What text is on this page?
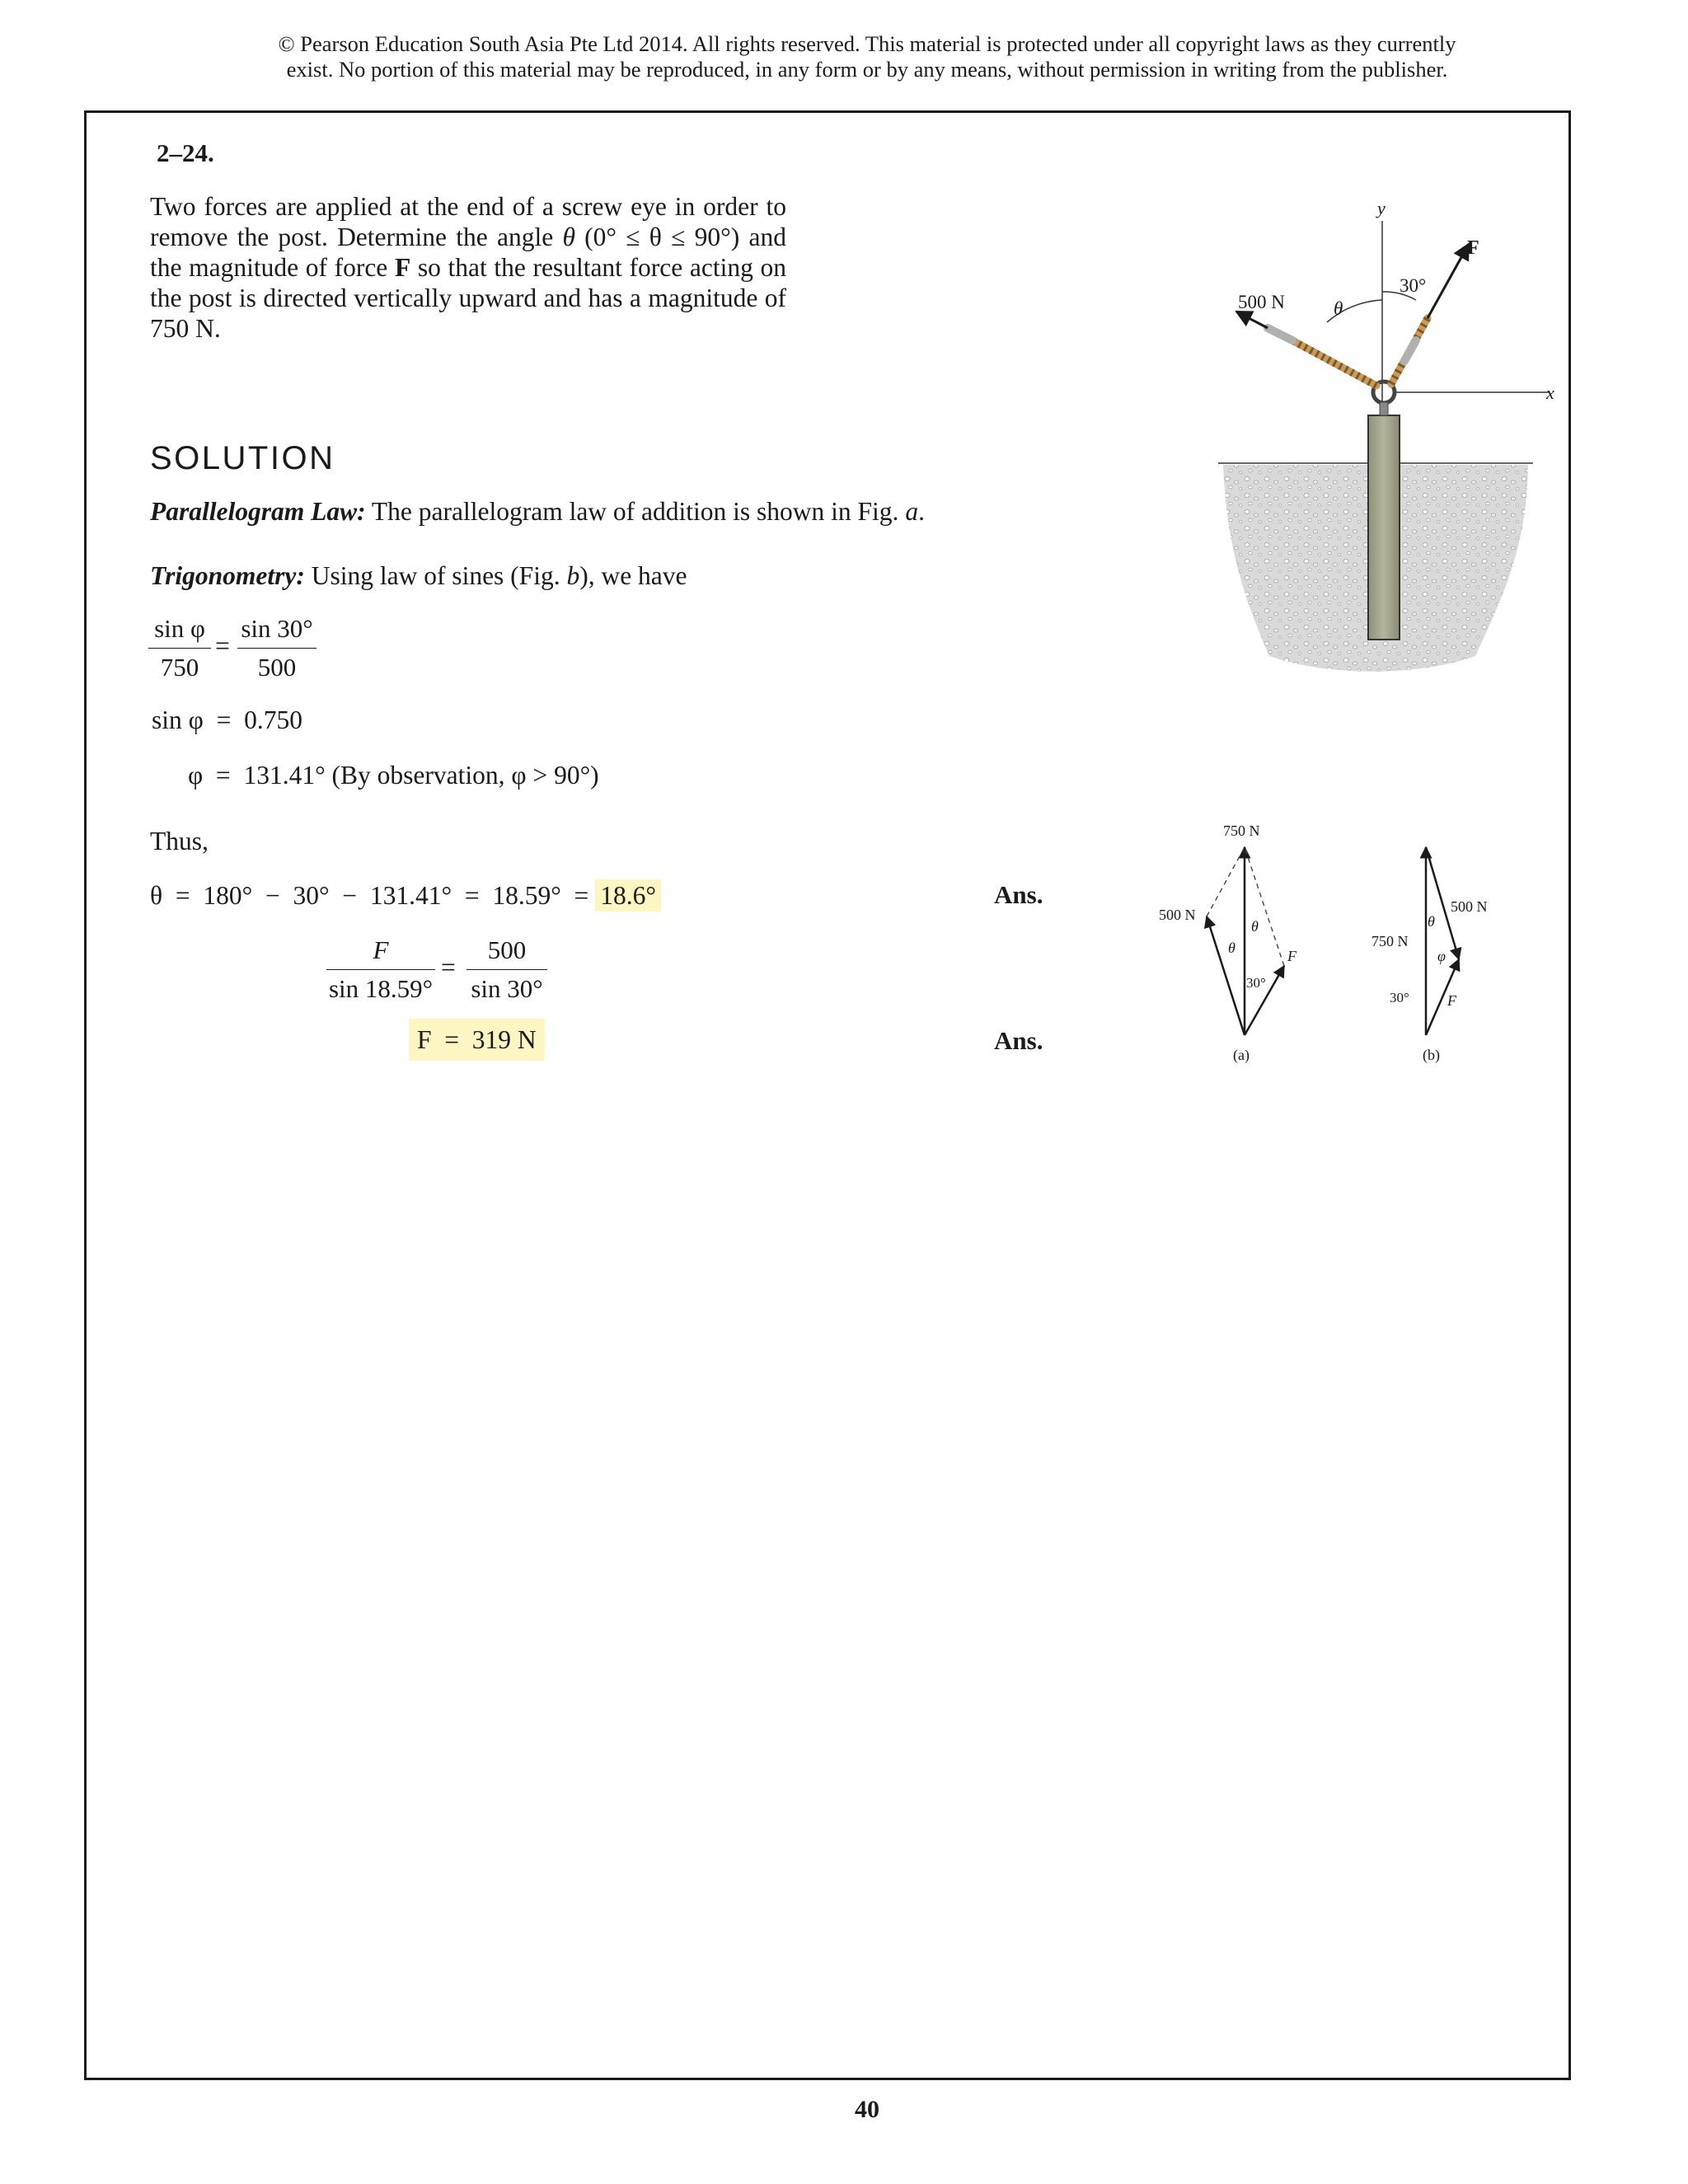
© Pearson Education South Asia Pte Ltd 2014. All rights reserved. This material is protected under all copyright laws as they currently
exist. No portion of this material may be reproduced, in any form or by any means, without permission in writing from the publisher.
2–24.
Two forces are applied at the end of a screw eye in order to remove the post. Determine the angle θ (0° ≤ θ ≤ 90°) and the magnitude of force F so that the resultant force acting on the post is directed vertically upward and has a magnitude of 750 N.
SOLUTION
Parallelogram Law: The parallelogram law of addition is shown in Fig. a.
Trigonometry: Using law of sines (Fig. b), we have
$\frac{\text{sin φ}}{750} = \frac{\sin 30^\circ}{500}$
sin φ  =  0.750
φ  =  131.41° (By observation, φ > 90°)
Thus,
θ  =  180°  −  30°  −  131.41°  =  18.59°  = 18.6°	Ans.
$\frac{F}{\sin 18.59^\circ} = \frac{500}{\sin 30^\circ}$
F  =  319 N	Ans.
y
x
500 N
F
30°
θ
750 N
500 N
θ
θ
30°
F
(a)
500 N
750 N
θ
φ
30°	F
(b)
40
